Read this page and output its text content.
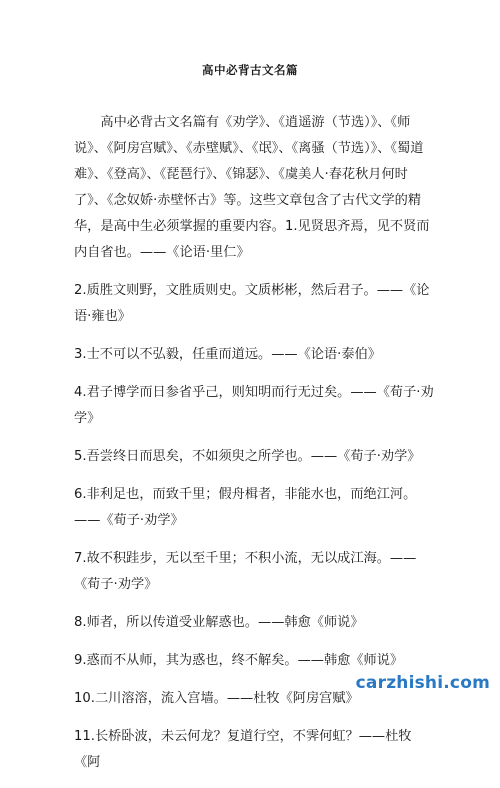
高中必背古文名篇

高中必背古文名篇有《劝学》、《逍遥游（节选）》、《师说》、《阿房宫赋》、《赤壁赋》、《氓》、《离骚（节选）》、《蜀道难》、《登高》、《琵琶行》、《锦瑟》、《虞美人·春花秋月何时了》、《念奴娇·赤壁怀古》等。这些文章包含了古代文学的精华，是高中生必须掌握的重要内容。1.见贤思齐焉，见不贤而内自省也。——《论语·里仁》

2.质胜文则野，文胜质则史。文质彬彬，然后君子。——《论语·雍也》

3.士不可以不弘毅，任重而道远。——《论语·泰伯》

4.君子博学而日参省乎己，则知明而行无过矣。——《荀子·劝学》

5.吾尝终日而思矣，不如须臾之所学也。——《荀子·劝学》

6.非利足也，而致千里；假舟楫者，非能水也，而绝江河。——《荀子·劝学》

7.故不积跬步，无以至千里；不积小流，无以成江海。——《荀子·劝学》

8.师者，所以传道受业解惑也。——韩愈《师说》

9.惑而不从师，其为惑也，终不解矣。——韩愈《师说》

10.二川溶溶，流入宫墙。——杜牧《阿房宫赋》

11.长桥卧波，未云何龙？复道行空，不霁何虹？——杜牧《阿

carzhishi.com
